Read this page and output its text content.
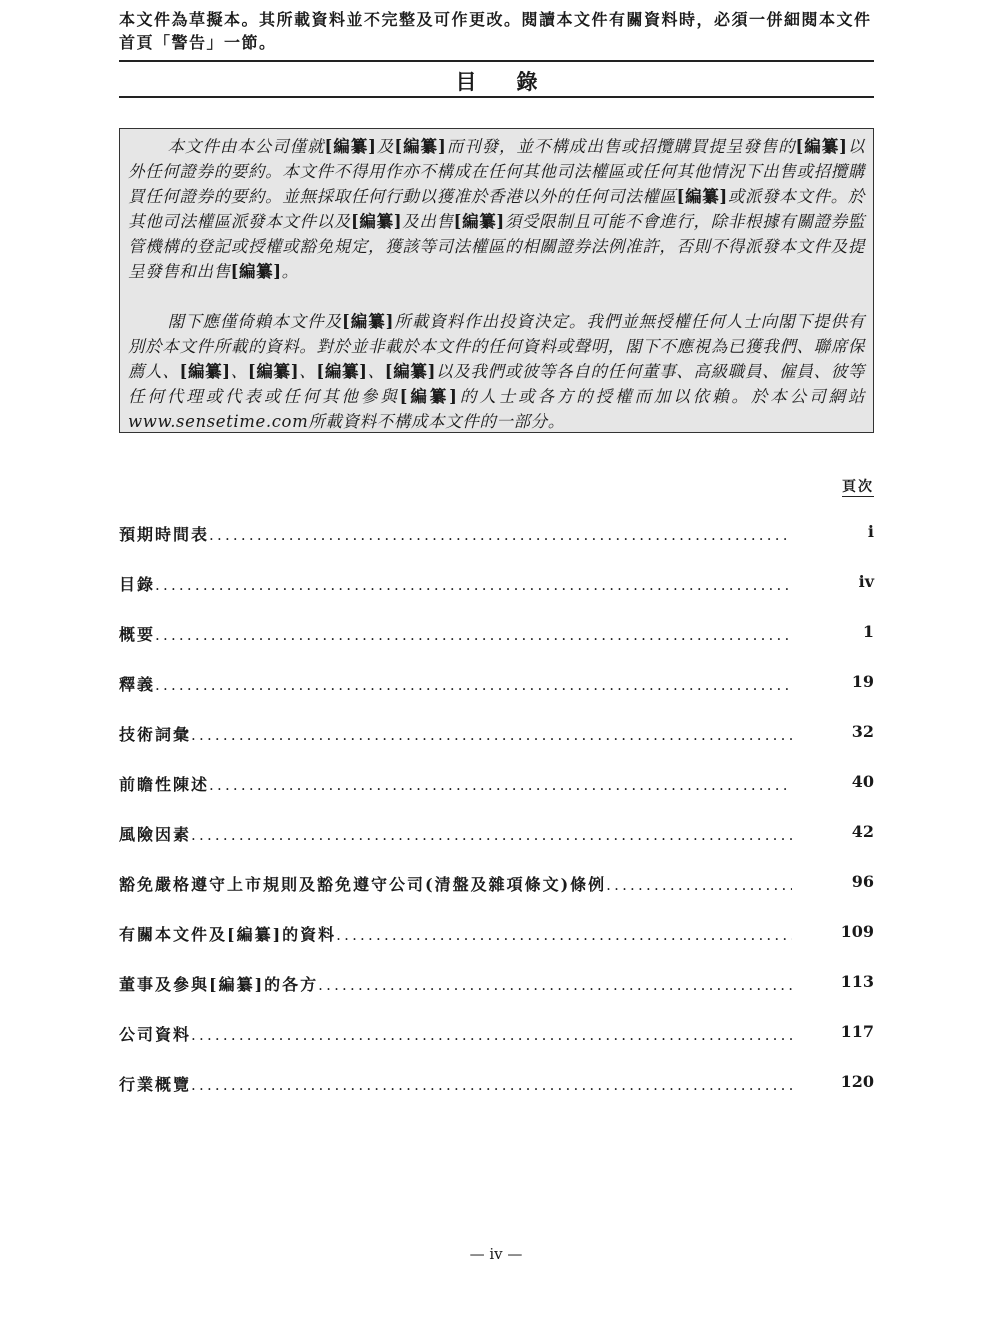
本文件為草擬本。其所載資料並不完整及可作更改。閱讀本文件有關資料時，必須一併細閱本文件首頁「警告」一節。
目錄

本文件由本公司僅就[編纂]及[編纂]而刊發，並不構成出售或招攬購買提呈發售的[編纂]以外任何證券的要約。本文件不得用作亦不構成在任何其他司法權區或任何其他情況下出售或招攬購買任何證券的要約。並無採取任何行動以獲准於香港以外的任何司法權區[編纂]或派發本文件。於其他司法權區派發本文件以及[編纂]及出售[編纂]須受限制且可能不會進行，除非根據有關證券監管機構的登記或授權或豁免規定，獲該等司法權區的相關證券法例准許，否則不得派發本文件及提呈發售和出售[編纂]。

閣下應僅倚賴本文件及[編纂]所載資料作出投資決定。我們並無授權任何人士向閣下提供有別於本文件所載的資料。對於並非載於本文件的任何資料或聲明，閣下不應視為已獲我們、聯席保薦人、[編纂]、[編纂]、[編纂]、[編纂]以及我們或彼等各自的任何董事、高級職員、僱員、彼等任何代理或代表或任何其他參與[編纂]的人士或各方的授權而加以依賴。於本公司網站www.sensetime.com所載資料不構成本文件的一部分。

頁次
預期時間表 .....	i
目錄 .....	iv
概要 .....	1
釋義 .....	19
技術詞彙 .....	32
前瞻性陳述 .....	40
風險因素 .....	42
豁免嚴格遵守上市規則及豁免遵守公司(清盤及雜項條文)條例 .....	96
有關本文件及[編纂]的資料 .....	109
董事及參與[編纂]的各方 .....	113
公司資料 .....	117
行業概覽 .....	120
— iv —
